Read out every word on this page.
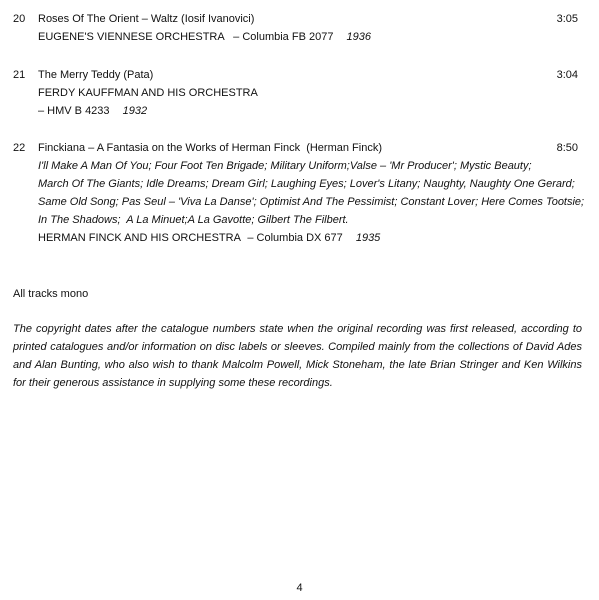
20 Roses Of The Orient – Waltz (Iosif Ivanovici)	3:05
EUGENE'S VIENNESE ORCHESTRA – Columbia FB 2077 1936
21 The Merry Teddy (Pata)	3:04
FERDY KAUFFMAN AND HIS ORCHESTRA
– HMV B 4233 1932
22 Finckiana – A Fantasia on the Works of Herman Finck  (Herman Finck)	8:50
I'll Make A Man Of You; Four Foot Ten Brigade; Military Uniform;Valse – 'Mr Producer'; Mystic Beauty;
March Of The Giants; Idle Dreams; Dream Girl; Laughing Eyes; Lover's Litany; Naughty, Naughty One Gerard;
Same Old Song; Pas Seul – 'Viva La Danse'; Optimist And The Pessimist; Constant Lover; Here Comes Tootsie;
In The Shadows;  A La Minuet;A La Gavotte; Gilbert The Filbert.
HERMAN FINCK AND HIS ORCHESTRA – Columbia DX 677 1935
All tracks mono
The copyright dates after the catalogue numbers state when the original recording was first released, according to printed catalogues and/or information on disc labels or sleeves. Compiled mainly from the collections of David Ades and Alan Bunting, who also wish to thank Malcolm Powell, Mick Stoneham, the late Brian Stringer and Ken Wilkins for their generous assistance in supplying some these recordings.
4
